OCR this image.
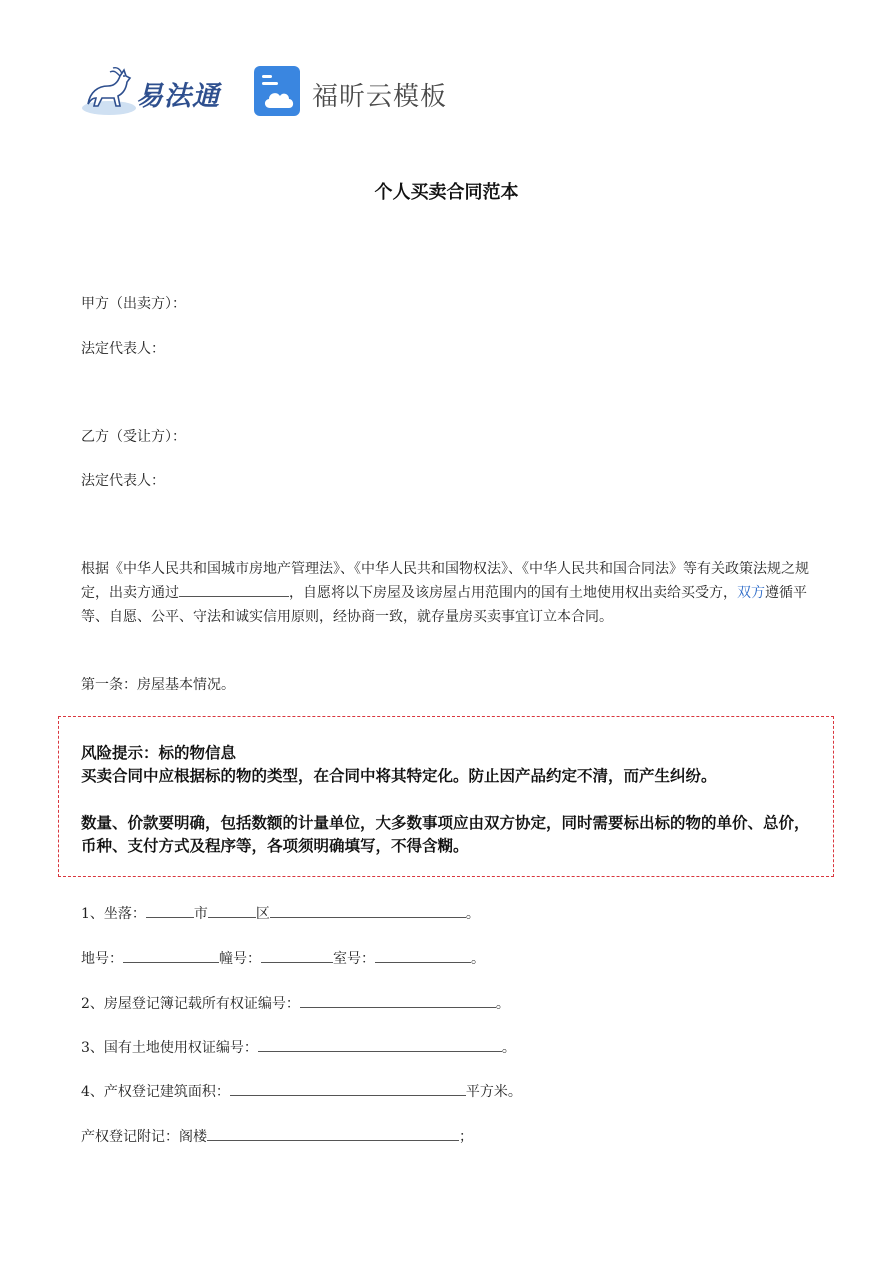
易法通	福昕云模板
个人买卖合同范本
甲方（出卖方）：
法定代表人：
乙方（受让方）：
法定代表人：
根据《中华人民共和国城市房地产管理法》、《中华人民共和国物权法》、《中华人民共和国合同法》等有关政策法规之规定，出卖方通过	，自愿将以下房屋及该房屋占用范围内的国有土地使用权出卖给买受方，双方遵循平等、自愿、公平、守法和诚实信用原则，经协商一致，就存量房买卖事宜订立本合同。
第一条：房屋基本情况。
风险提示：标的物信息
买卖合同中应根据标的物的类型，在合同中将其特定化。防止因产品约定不清，而产生纠纷。
数量、价款要明确，包括数额的计量单位，大多数事项应由双方协定，同时需要标出标的物的单价、总价，币种、支付方式及程序等，各项须明确填写，不得含糊。
1、坐落：	市	区	。
地号：	幢号：	室号：	。
2、房屋登记簿记载所有权证编号：	。
3、国有土地使用权证编号：	。
4、产权登记建筑面积：	平方米。
产权登记附记：阁楼	；
